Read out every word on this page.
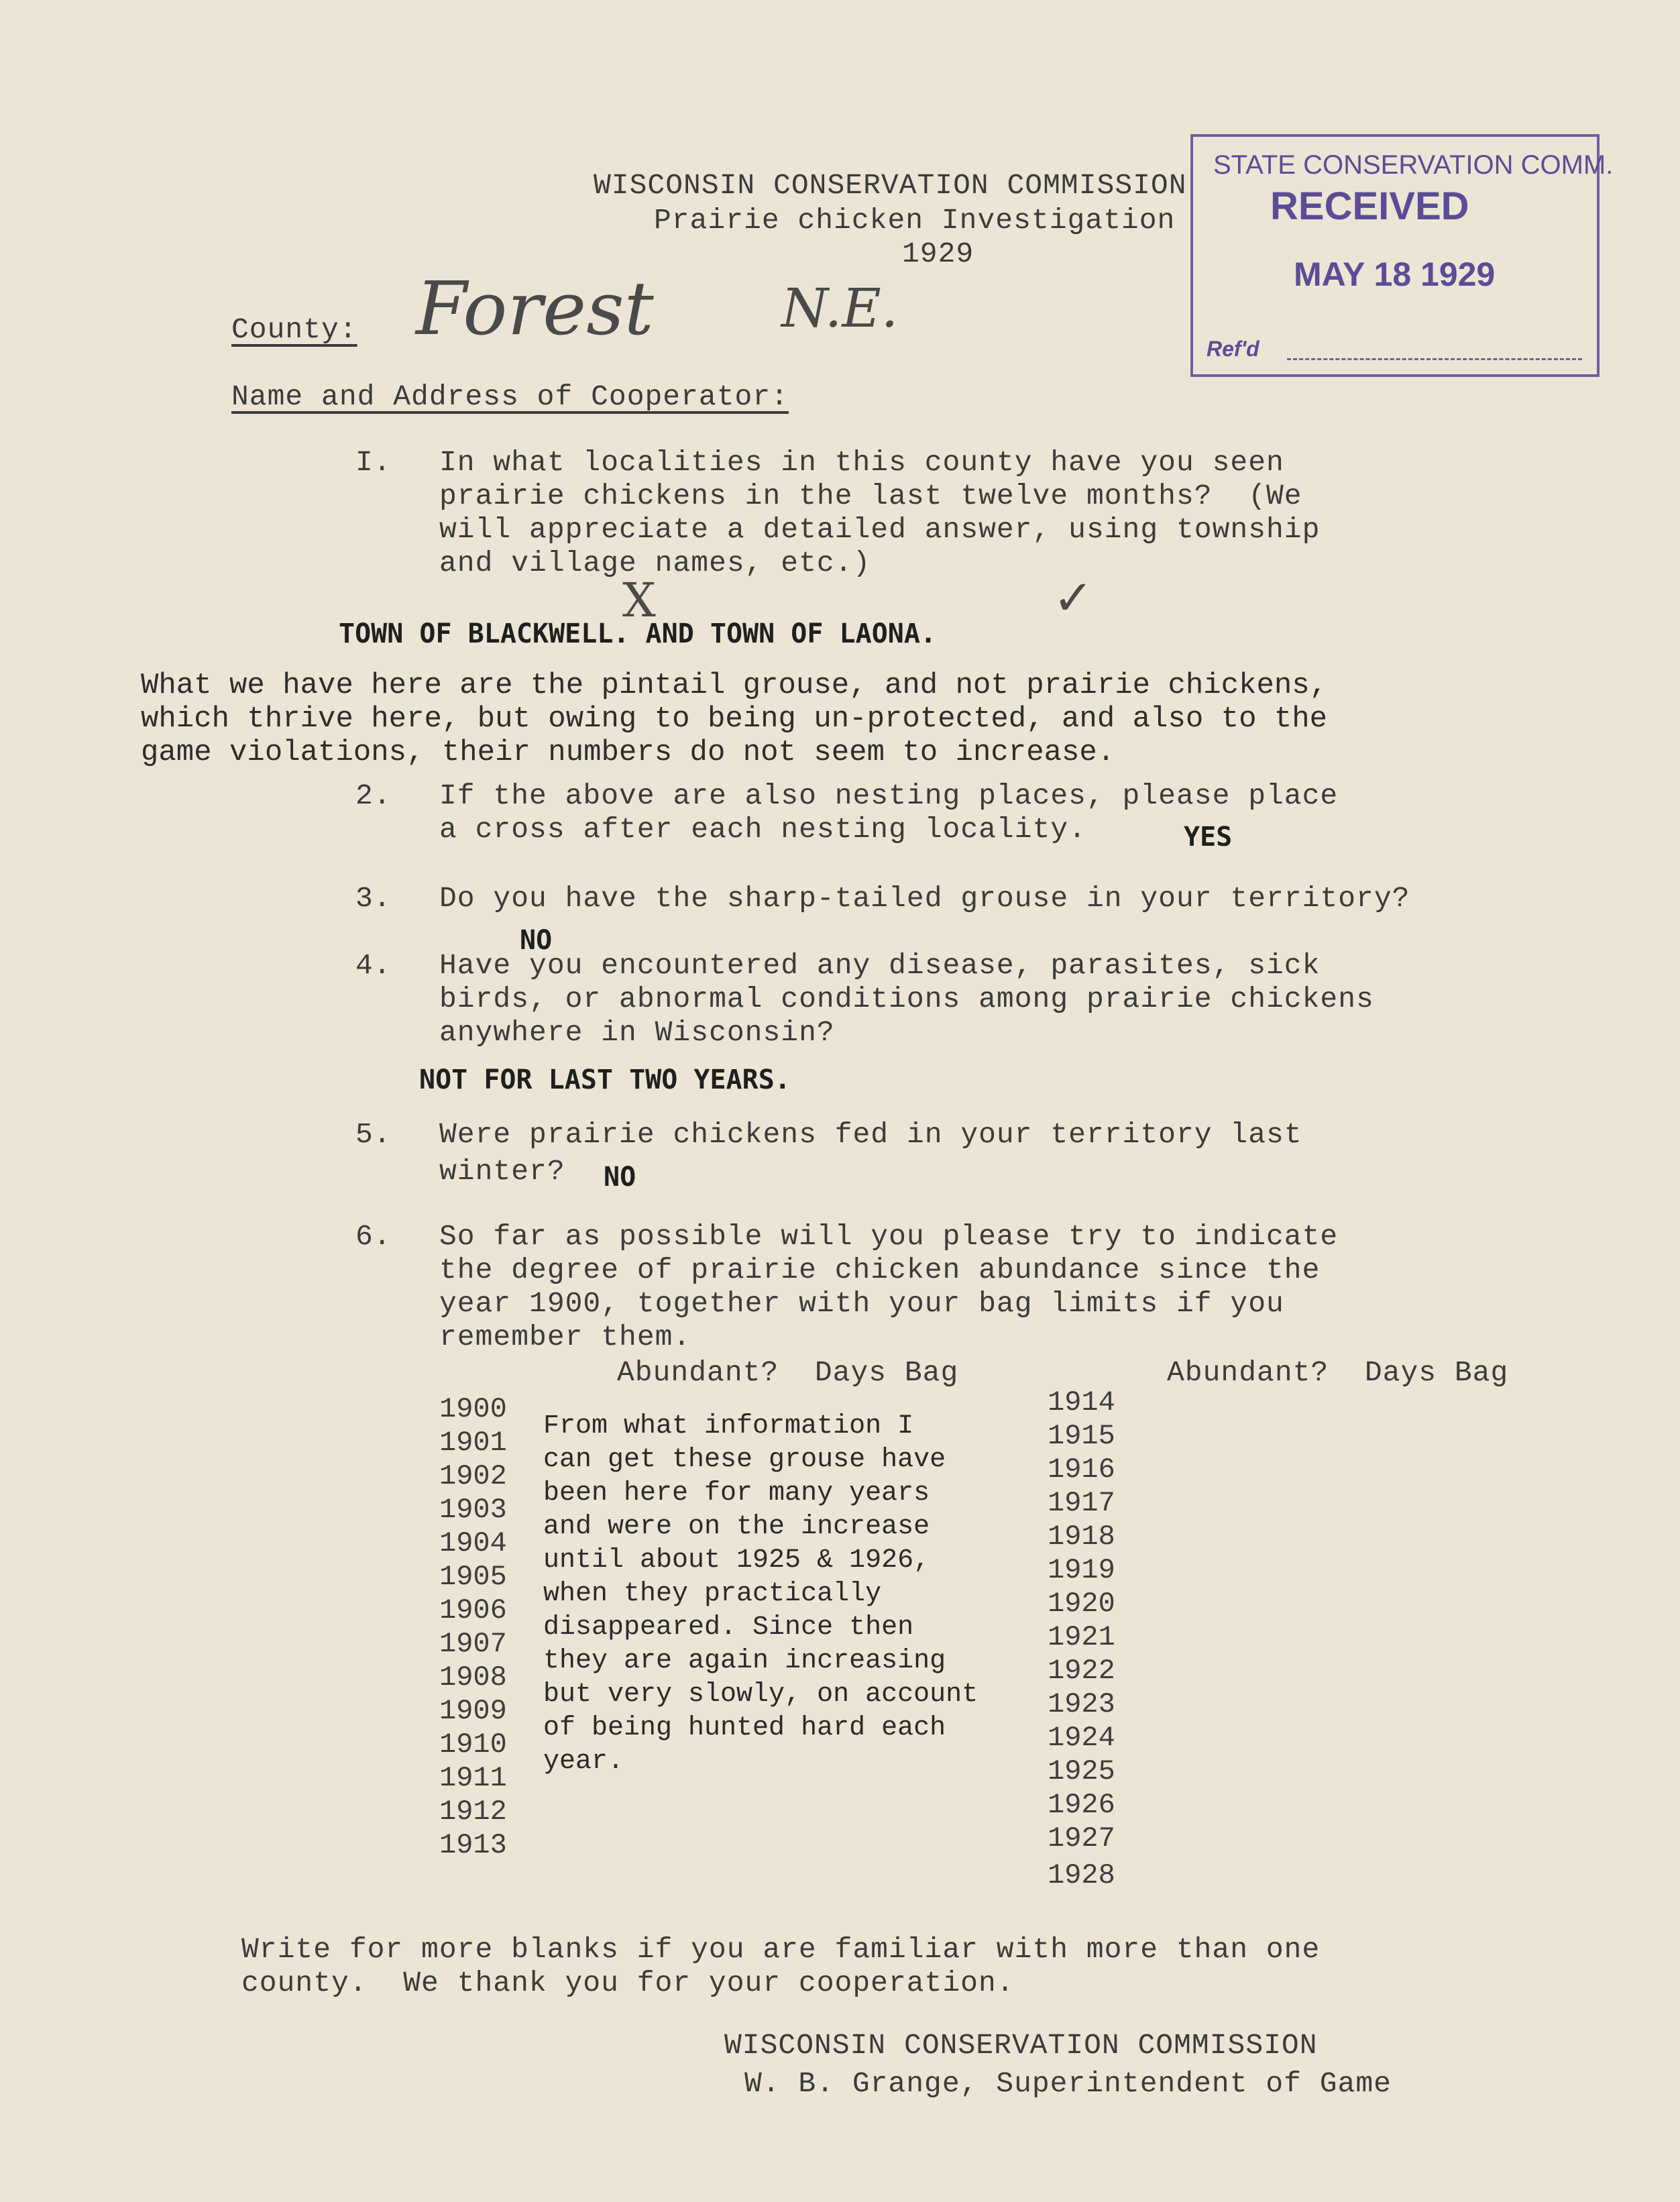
WISCONSIN CONSERVATION COMMISSION
Prairie chicken Investigation
1929
STATE CONSERVATION COMM.
RECEIVED
MAY 18 1929
Ref'd
County: Forest N.E.
Name and Address of Cooperator:
I. In what localities in this county have you seen
prairie chickens in the last twelve months?  (We
will appreciate a detailed answer, using township
and village names, etc.)
X	✓
TOWN OF BLACKWELL. AND TOWN OF LAONA.
What we have here are the pintail grouse, and not prairie chickens,
which thrive here, but owing to being un-protected, and also to the
game violations, their numbers do not seem to increase.
2. If the above are also nesting places, please place
a cross after each nesting locality.	YES
3. Do you have the sharp-tailed grouse in your territory?
NO
4. Have you encountered any disease, parasites, sick
birds, or abnormal conditions among prairie chickens
anywhere in Wisconsin?
NOT FOR LAST TWO YEARS.
5. Were prairie chickens fed in your territory last
winter? NO
6. So far as possible will you please try to indicate
the degree of prairie chicken abundance since the
year 1900, together with your bag limits if you
remember them.
Abundant?  Days Bag	Abundant?  Days Bag
1900
1901
1902
1903
1904
1905
1906
1907
1908
1909
1910
1911
1912
1913
1914
1915
1916
1917
1918
1919
1920
1921
1922
1923
1924
1925
1926
1927
1928
From what information I
can get these grouse have
been here for many years
and were on the increase
until about 1925 & 1926,
when they practically
disappeared. Since then
they are again increasing
but very slowly, on account
of being hunted hard each
year.
Write for more blanks if you are familiar with more than one
county.  We thank you for your cooperation.
WISCONSIN CONSERVATION COMMISSION
W. B. Grange, Superintendent of Game
